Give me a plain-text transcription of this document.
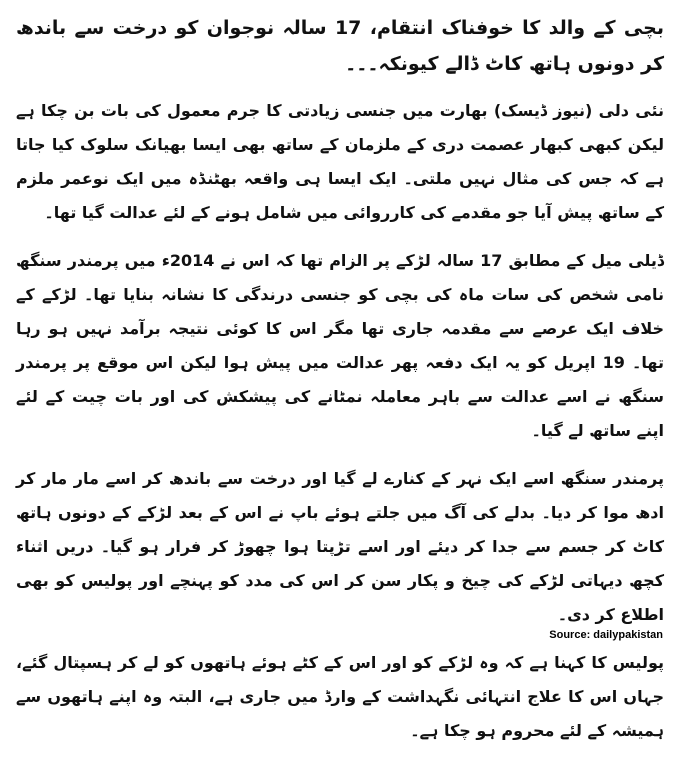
بچی کے والد کا خوفناک انتقام، 17 سالہ نوجوان کو درخت سے باندھ کر دونوں ہاتھ کاٹ ڈالے کیونکہ۔۔۔
نئی دلی (نیوز ڈیسک) بھارت میں جنسی زیادتی کا جرم معمول کی بات بن چکا ہے لیکن کبھی کبھار عصمت دری کے ملزمان کے ساتھ بھی ایسا بھیانک سلوک کیا جاتا ہے کہ جس کی مثال نہیں ملتی۔ ایک ایسا ہی واقعہ بھٹنڈہ میں ایک نوعمر ملزم کے ساتھ پیش آیا جو مقدمے کی کارروائی میں شامل ہونے کے لئے عدالت گیا تھا۔
ڈیلی میل کے مطابق 17 سالہ لڑکے پر الزام تھا کہ اس نے 2014ء میں پرمندر سنگھ نامی شخص کی سات ماہ کی بچی کو جنسی درندگی کا نشانہ بنایا تھا۔ لڑکے کے خلاف ایک عرصے سے مقدمہ جاری تھا مگر اس کا کوئی نتیجہ برآمد نہیں ہو رہا تھا۔ 19 اپریل کو یہ ایک دفعہ پھر عدالت میں پیش ہوا لیکن اس موقع پر پرمندر سنگھ نے اسے عدالت سے باہر معاملہ نمٹانے کی پیشکش کی اور بات چیت کے لئے اپنے ساتھ لے گیا۔
پرمندر سنگھ اسے ایک نہر کے کنارے لے گیا اور درخت سے باندھ کر اسے مار مار کر ادھ موا کر دیا۔ بدلے کی آگ میں جلتے ہوئے باپ نے اس کے بعد لڑکے کے دونوں ہاتھ کاٹ کر جسم سے جدا کر دیئے اور اسے تڑپتا ہوا چھوڑ کر فرار ہو گیا۔ دریں اثناء کچھ دیہاتی لڑکے کی چیخ و پکار سن کر اس کی مدد کو پہنچے اور پولیس کو بھی اطلاع کر دی۔
پولیس کا کہنا ہے کہ وہ لڑکے کو اور اس کے کٹے ہوئے ہاتھوں کو لے کر ہسپتال گئے، جہاں اس کا علاج انتہائی نگہداشت کے وارڈ میں جاری ہے، البتہ وہ اپنے ہاتھوں سے ہمیشہ کے لئے محروم ہو چکا ہے۔
Source: dailypakistan
